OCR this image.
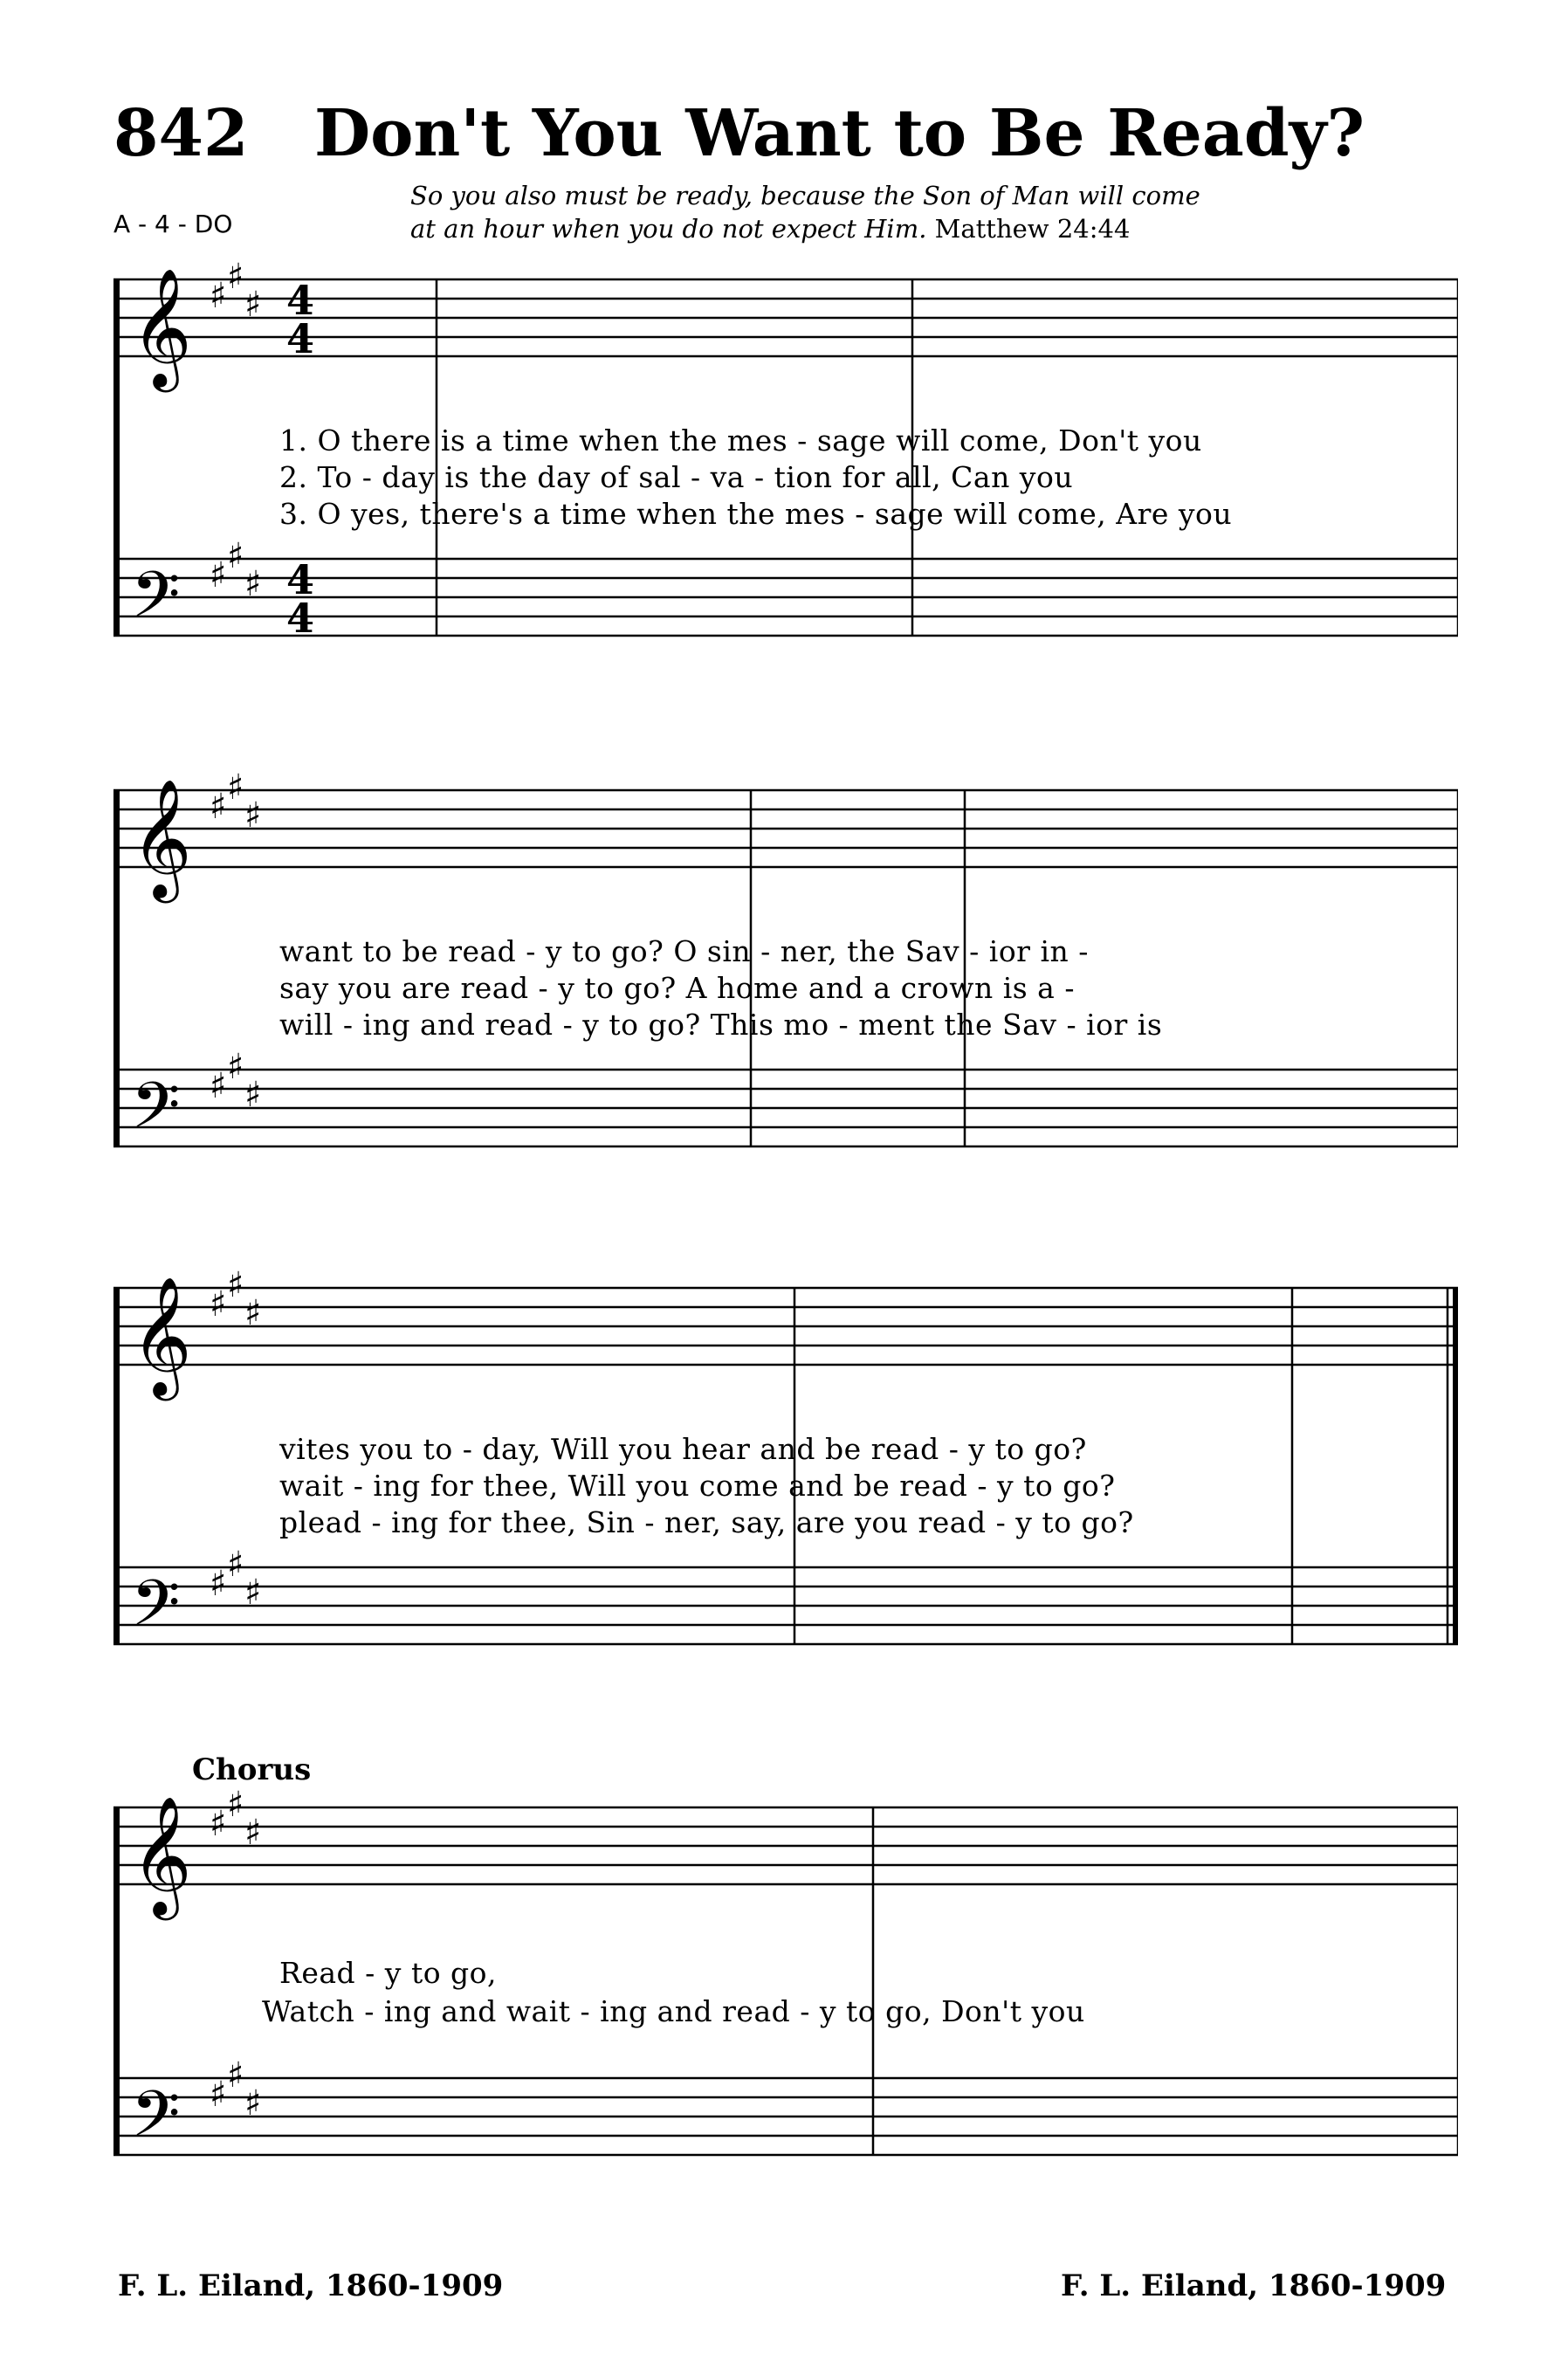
842 Don't You Want to Be Ready?
So you also must be ready, because the Son of Man will come
at an hour when you do not expect Him. Matthew 24:44
A - 4 - DO
𝄞
𝄢
♯ ♯
♯
♯ ♯
♯
4
4
4
4
1. O there is a time when the mes - sage will come, Don't you
2. To - day is the day of sal - va - tion for all, Can you
3. O yes, there's a time when the mes - sage will come, Are you
𝄞
𝄢
♯ ♯
♯
♯ ♯
♯
want to be read - y to go? O sin - ner, the Sav - ior in -
say you are read - y to go? A home and a crown is a -
will - ing and read - y to go? This mo - ment the Sav - ior is
𝄞
𝄢
♯ ♯
♯
♯ ♯
♯
vites you to - day, Will you hear and be read - y to go?
wait - ing for thee, Will you come and be read - y to go?
plead - ing for thee, Sin - ner, say, are you read - y to go?
Chorus
𝄞
𝄢
♯ ♯
♯
♯ ♯
♯
Read - y to go,
Watch - ing and wait - ing and read - y to go, Don't you
F. L. Eiland, 1860-1909	F. L. Eiland, 1860-1909
